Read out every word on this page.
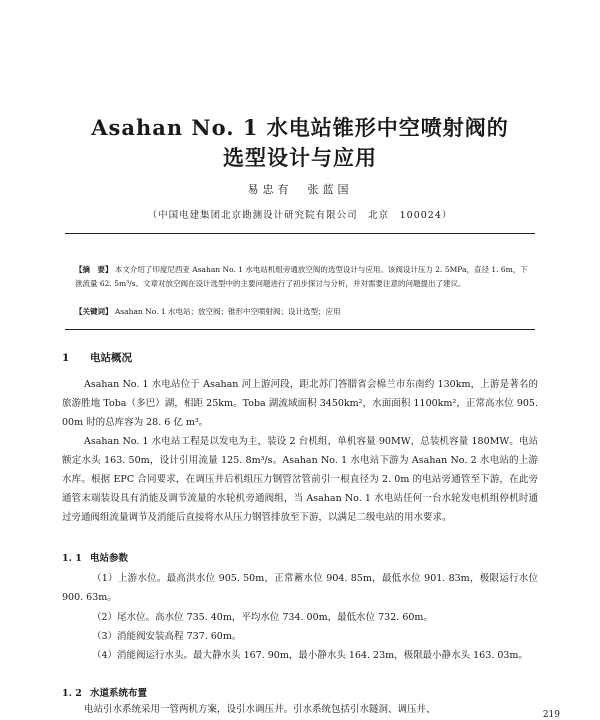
Asahan No. 1 水电站锥形中空喷射阀的
选型设计与应用
易忠有　张蓝国
（中国电建集团北京勘测设计研究院有限公司　北京　100024）
【摘　要】 本文介绍了印度尼西亚 Asahan No. 1 水电站机组旁通放空阀的选型设计与应用。该阀设计压力 2. 5MPa，直径 1. 6m，下泄流量 62. 5m³/s。文章对放空阀在设计选型中的主要问题进行了初步探讨与分析，并对需要注意的问题提出了建议。
【关键词】 Asahan No. 1 水电站；放空阀；锥形中空喷射阀；设计选型；应用
1 电站概况

Asahan No. 1 水电站位于 Asahan 河上游河段，距北苏门答腊省会棉兰市东南约 130km，上游是著名的旅游胜地 Toba（多巴）湖，相距 25km。Toba 湖流域面积 3450km²，水面面积 1100km²，正常高水位 905. 00m 时的总库容为 28. 6 亿 m³。

Asahan No. 1 水电站工程是以发电为主，装设 2 台机组，单机容量 90MW，总装机容量 180MW。电站额定水头 163. 50m，设计引用流量 125. 8m³/s。Asahan No. 1 水电站下游为 Asahan No. 2 水电站的上游水库。根据 EPC 合同要求，在调压井后机组压力钢管岔管前引一根直径为 2. 0m 的电站旁通管至下游，在此旁通管末端装设具有消能及调节流量的水轮机旁通阀组，当 Asahan No. 1 水电站任何一台水轮发电机组停机时通过旁通阀组流量调节及消能后直接将水从压力钢管排放至下游，以满足二级电站的用水要求。

1. 1 电站参数

（1）上游水位。最高洪水位 905. 50m，正常蓄水位 904. 85m，最低水位 901. 83m，极限运行水位 900. 63m。

（2）尾水位。高水位 735. 40m，平均水位 734. 00m，最低水位 732. 60m。

（3）消能阀安装高程 737. 60m。

（4）消能阀运行水头。最大静水头 167. 90m，最小静水头 164. 23m，极限最小静水头 163. 03m。

1. 2 水道系统布置

电站引水系统采用一管两机方案，设引水调压井。引水系统包括引水隧洞、调压井、	219
